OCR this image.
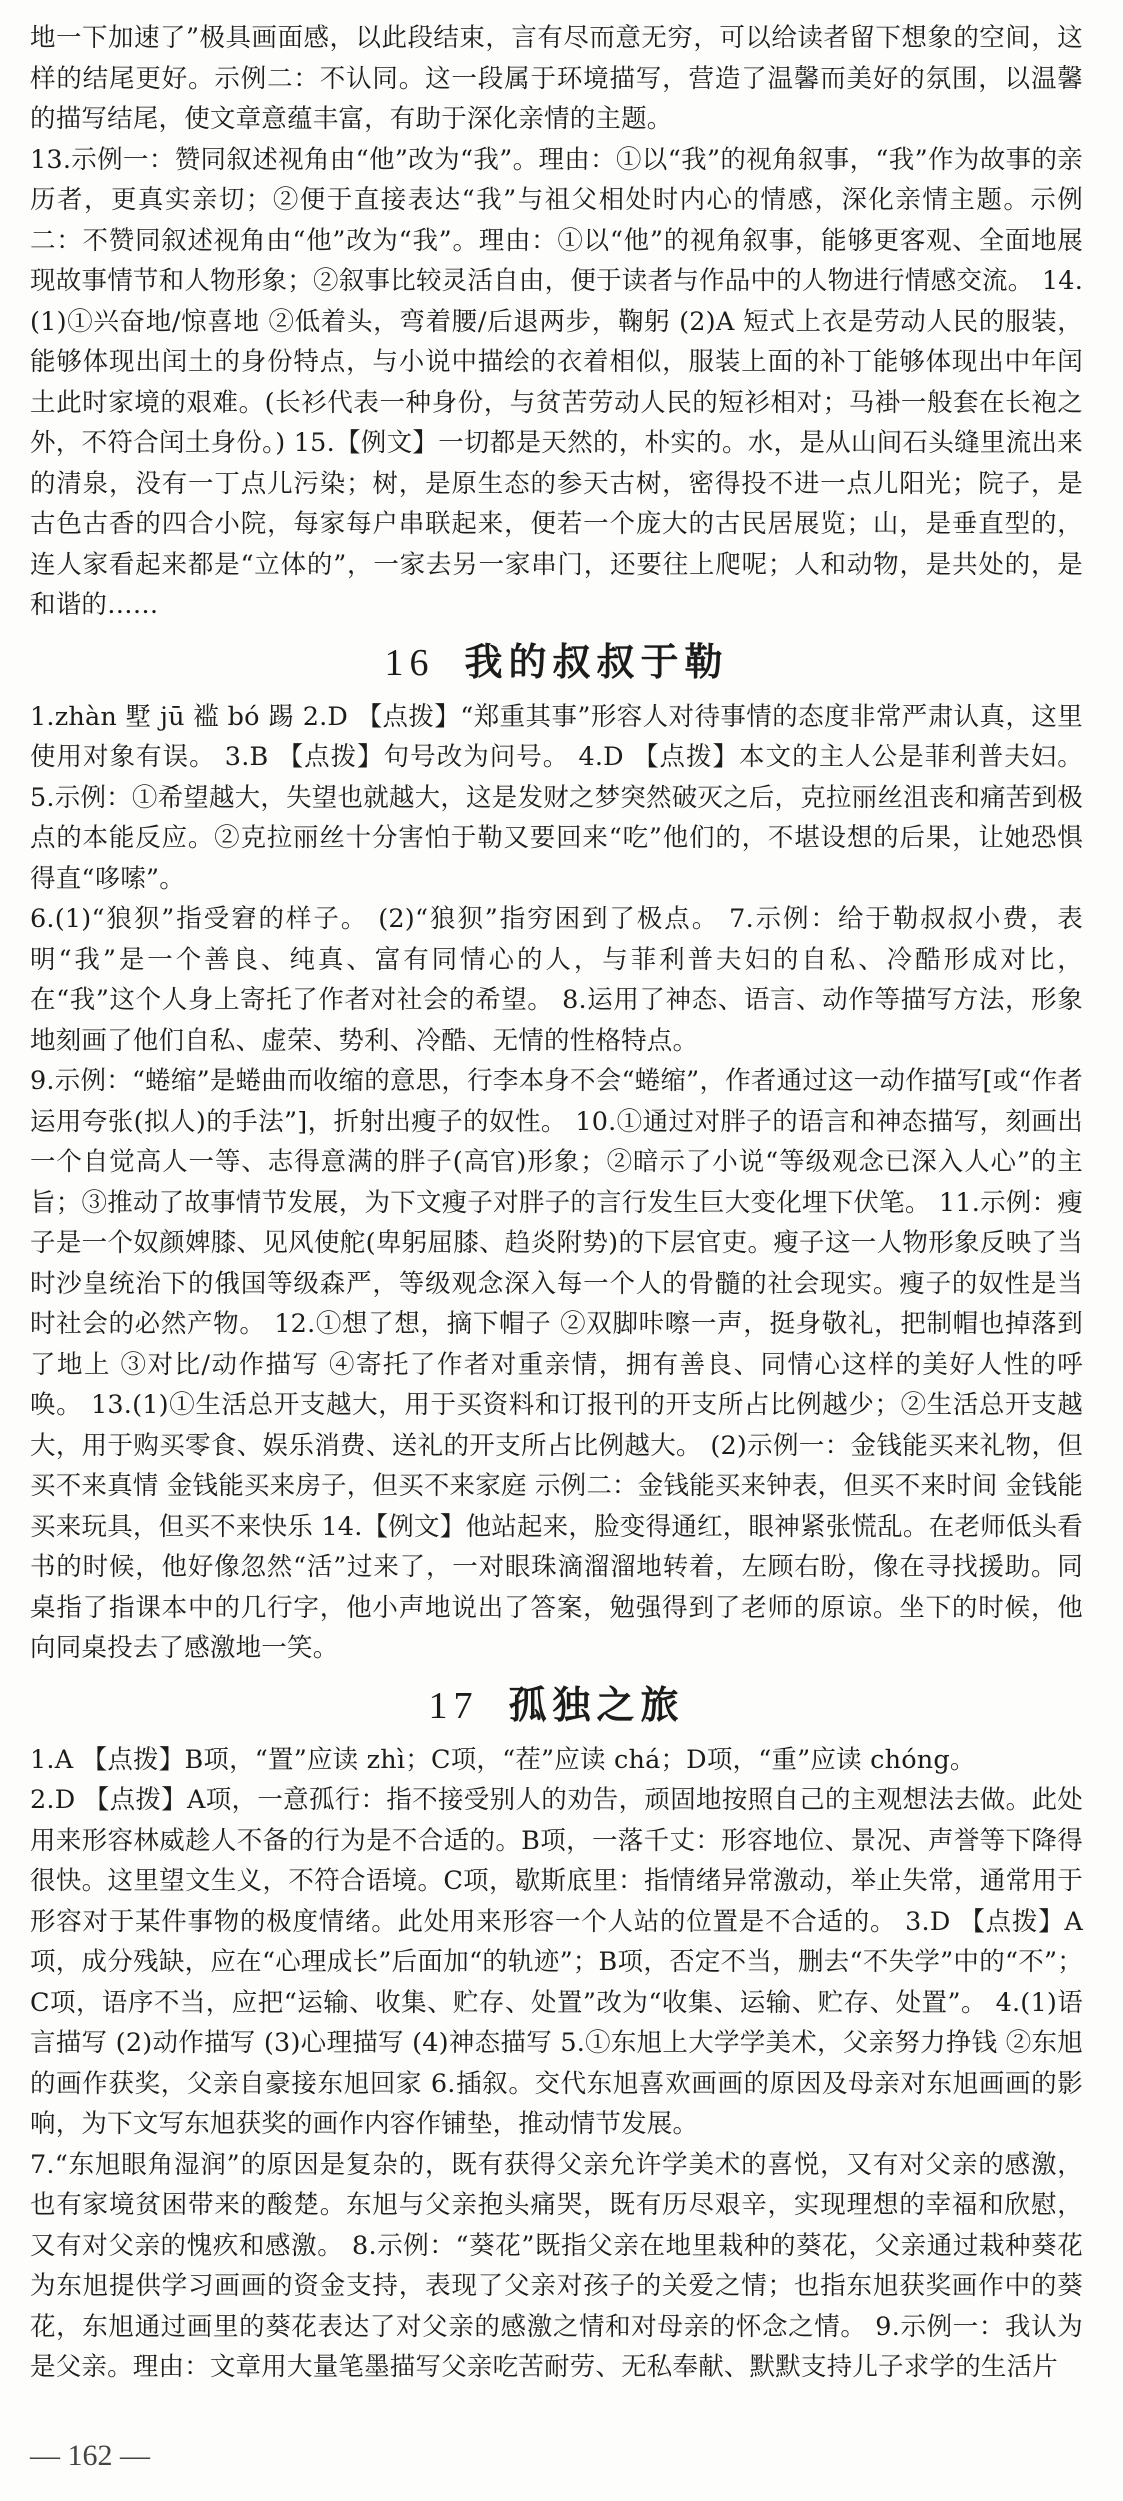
地一下加速了”极具画面感，以此段结束，言有尽而意无穷，可以给读者留下想象的空间，这样的结尾更好。示例二：不认同。这一段属于环境描写，营造了温馨而美好的氛围，以温馨的描写结尾，使文章意蕴丰富，有助于深化亲情的主题。

13.示例一：赞同叙述视角由“他”改为“我”。理由：①以“我”的视角叙事，“我”作为故事的亲历者，更真实亲切；②便于直接表达“我”与祖父相处时内心的情感，深化亲情主题。示例二：不赞同叙述视角由“他”改为“我”。理由：①以“他”的视角叙事，能够更客观、全面地展现故事情节和人物形象；②叙事比较灵活自由，便于读者与作品中的人物进行情感交流。 14.(1)①兴奋地/惊喜地 ②低着头，弯着腰/后退两步，鞠躬 (2)A 短式上衣是劳动人民的服装，能够体现出闰土的身份特点，与小说中描绘的衣着相似，服装上面的补丁能够体现出中年闰土此时家境的艰难。(长衫代表一种身份，与贫苦劳动人民的短衫相对；马褂一般套在长袍之外，不符合闰土身份。) 15.【例文】一切都是天然的，朴实的。水，是从山间石头缝里流出来的清泉，没有一丁点儿污染；树，是原生态的参天古树，密得投不进一点儿阳光；院子，是古色古香的四合小院，每家每户串联起来，便若一个庞大的古民居展览；山，是垂直型的，连人家看起来都是“立体的”，一家去另一家串门，还要往上爬呢；人和动物，是共处的，是和谐的……

16 我的叔叔于勒

1.zhàn 墅 jū 褴 bó 踢 2.D 【点拨】“郑重其事”形容人对待事情的态度非常严肃认真，这里使用对象有误。 3.B 【点拨】句号改为问号。 4.D 【点拨】本文的主人公是菲利普夫妇。 5.示例：①希望越大，失望也就越大，这是发财之梦突然破灭之后，克拉丽丝沮丧和痛苦到极点的本能反应。②克拉丽丝十分害怕于勒又要回来“吃”他们的，不堪设想的后果，让她恐惧得直“哆嗦”。

6.(1)“狼狈”指受窘的样子。 (2)“狼狈”指穷困到了极点。 7.示例：给于勒叔叔小费，表明“我”是一个善良、纯真、富有同情心的人，与菲利普夫妇的自私、冷酷形成对比，在“我”这个人身上寄托了作者对社会的希望。 8.运用了神态、语言、动作等描写方法，形象地刻画了他们自私、虚荣、势利、冷酷、无情的性格特点。

9.示例：“蜷缩”是蜷曲而收缩的意思，行李本身不会“蜷缩”，作者通过这一动作描写[或“作者运用夸张(拟人)的手法”]，折射出瘦子的奴性。 10.①通过对胖子的语言和神态描写，刻画出一个自觉高人一等、志得意满的胖子(高官)形象；②暗示了小说“等级观念已深入人心”的主旨；③推动了故事情节发展，为下文瘦子对胖子的言行发生巨大变化埋下伏笔。 11.示例：瘦子是一个奴颜婢膝、见风使舵(卑躬屈膝、趋炎附势)的下层官吏。瘦子这一人物形象反映了当时沙皇统治下的俄国等级森严，等级观念深入每一个人的骨髓的社会现实。瘦子的奴性是当时社会的必然产物。 12.①想了想，摘下帽子 ②双脚咔嚓一声，挺身敬礼，把制帽也掉落到了地上 ③对比/动作描写 ④寄托了作者对重亲情，拥有善良、同情心这样的美好人性的呼唤。 13.(1)①生活总开支越大，用于买资料和订报刊的开支所占比例越少；②生活总开支越大，用于购买零食、娱乐消费、送礼的开支所占比例越大。 (2)示例一：金钱能买来礼物，但买不来真情 金钱能买来房子，但买不来家庭 示例二：金钱能买来钟表，但买不来时间 金钱能买来玩具，但买不来快乐 14.【例文】他站起来，脸变得通红，眼神紧张慌乱。在老师低头看书的时候，他好像忽然“活”过来了，一对眼珠滴溜溜地转着，左顾右盼，像在寻找援助。同桌指了指课本中的几行字，他小声地说出了答案，勉强得到了老师的原谅。坐下的时候，他向同桌投去了感激地一笑。

17 孤独之旅

1.A 【点拨】B项，“置”应读 zhì；C项，“茬”应读 chá；D项，“重”应读 chóng。

2.D 【点拨】A项，一意孤行：指不接受别人的劝告，顽固地按照自己的主观想法去做。此处用来形容林威趁人不备的行为是不合适的。B项，一落千丈：形容地位、景况、声誉等下降得很快。这里望文生义，不符合语境。C项，歇斯底里：指情绪异常激动，举止失常，通常用于形容对于某件事物的极度情绪。此处用来形容一个人站的位置是不合适的。 3.D 【点拨】A项，成分残缺，应在“心理成长”后面加“的轨迹”；B项，否定不当，删去“不失学”中的“不”；C项，语序不当，应把“运输、收集、贮存、处置”改为“收集、运输、贮存、处置”。 4.(1)语言描写 (2)动作描写 (3)心理描写 (4)神态描写 5.①东旭上大学学美术，父亲努力挣钱 ②东旭的画作获奖，父亲自豪接东旭回家 6.插叙。交代东旭喜欢画画的原因及母亲对东旭画画的影响，为下文写东旭获奖的画作内容作铺垫，推动情节发展。

7.“东旭眼角湿润”的原因是复杂的，既有获得父亲允许学美术的喜悦，又有对父亲的感激，也有家境贫困带来的酸楚。东旭与父亲抱头痛哭，既有历尽艰辛，实现理想的幸福和欣慰，又有对父亲的愧疚和感激。 8.示例：“葵花”既指父亲在地里栽种的葵花，父亲通过栽种葵花为东旭提供学习画画的资金支持，表现了父亲对孩子的关爱之情；也指东旭获奖画作中的葵花，东旭通过画里的葵花表达了对父亲的感激之情和对母亲的怀念之情。 9.示例一：我认为是父亲。理由：文章用大量笔墨描写父亲吃苦耐劳、无私奉献、默默支持儿子求学的生活片

— 162 —
